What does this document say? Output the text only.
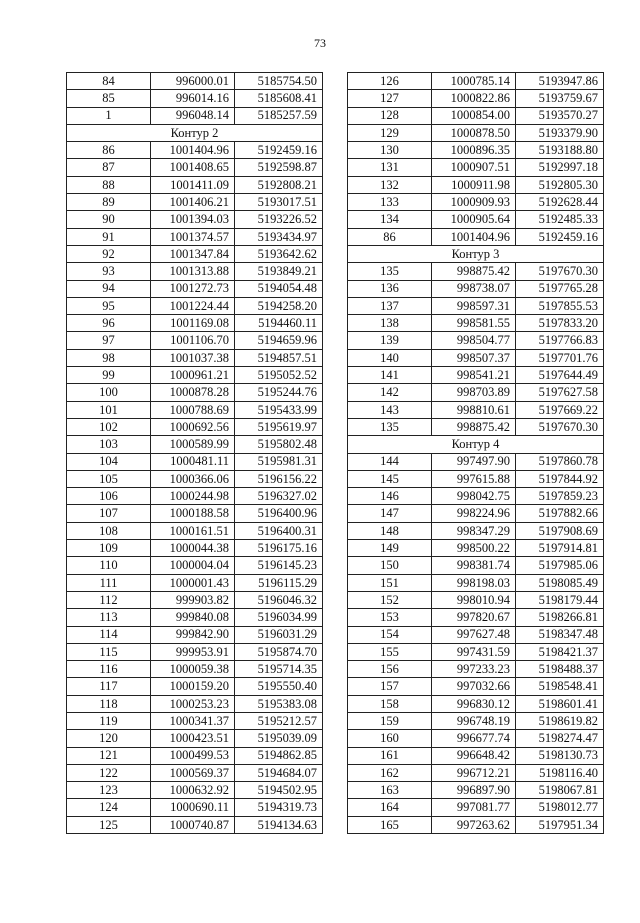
73
84	996000.01	5185754.50
85	996014.16	5185608.41
1	996048.14	5185257.59
Контур 2		
86	1001404.96	5192459.16
87	1001408.65	5192598.87
88	1001411.09	5192808.21
89	1001406.21	5193017.51
90	1001394.03	5193226.52
91	1001374.57	5193434.97
92	1001347.84	5193642.62
93	1001313.88	5193849.21
94	1001272.73	5194054.48
95	1001224.44	5194258.20
96	1001169.08	5194460.11
97	1001106.70	5194659.96
98	1001037.38	5194857.51
99	1000961.21	5195052.52
100	1000878.28	5195244.76
101	1000788.69	5195433.99
102	1000692.56	5195619.97
103	1000589.99	5195802.48
104	1000481.11	5195981.31
105	1000366.06	5196156.22
106	1000244.98	5196327.02
107	1000188.58	5196400.96
108	1000161.51	5196400.31
109	1000044.38	5196175.16
110	1000004.04	5196145.23
111	1000001.43	5196115.29
112	999903.82	5196046.32
113	999840.08	5196034.99
114	999842.90	5196031.29
115	999953.91	5195874.70
116	1000059.38	5195714.35
117	1000159.20	5195550.40
118	1000253.23	5195383.08
119	1000341.37	5195212.57
120	1000423.51	5195039.09
121	1000499.53	5194862.85
122	1000569.37	5194684.07
123	1000632.92	5194502.95
124	1000690.11	5194319.73
125	1000740.87	5194134.63
126	1000785.14	5193947.86
127	1000822.86	5193759.67
128	1000854.00	5193570.27
129	1000878.50	5193379.90
130	1000896.35	5193188.80
131	1000907.51	5192997.18
132	1000911.98	5192805.30
133	1000909.93	5192628.44
134	1000905.64	5192485.33
86	1001404.96	5192459.16
Контур 3		
135	998875.42	5197670.30
136	998738.07	5197765.28
137	998597.31	5197855.53
138	998581.55	5197833.20
139	998504.77	5197766.83
140	998507.37	5197701.76
141	998541.21	5197644.49
142	998703.89	5197627.58
143	998810.61	5197669.22
135	998875.42	5197670.30
Контур 4		
144	997497.90	5197860.78
145	997615.88	5197844.92
146	998042.75	5197859.23
147	998224.96	5197882.66
148	998347.29	5197908.69
149	998500.22	5197914.81
150	998381.74	5197985.06
151	998198.03	5198085.49
152	998010.94	5198179.44
153	997820.67	5198266.81
154	997627.48	5198347.48
155	997431.59	5198421.37
156	997233.23	5198488.37
157	997032.66	5198548.41
158	996830.12	5198601.41
159	996748.19	5198619.82
160	996677.74	5198274.47
161	996648.42	5198130.73
162	996712.21	5198116.40
163	996897.90	5198067.81
164	997081.77	5198012.77
165	997263.62	5197951.34
